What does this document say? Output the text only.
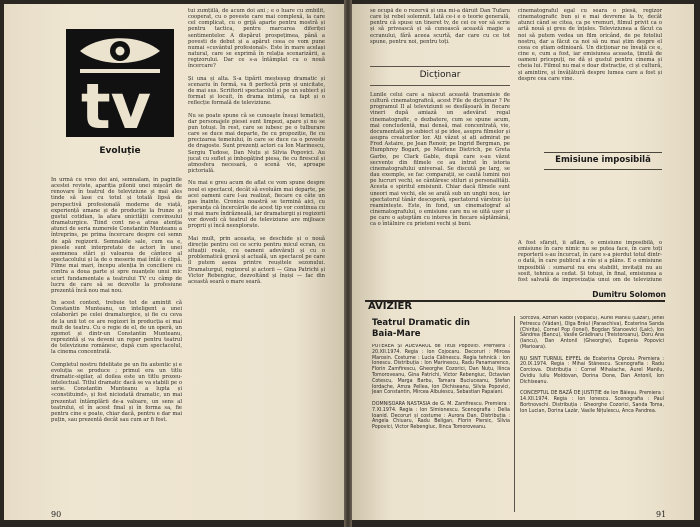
tv
Evoluție
In urmă cu vreo doi ani, semnalam, în paginile acestei reviste, apariția pilonii unei mișcări de renovare în teatrul de televiziune și mai ales tinde să lase cu totul și totală lipsă de perspectivă profesională moderne de viață, experiență umane și de producție la frunze și gustul cotidian, la afara unicității convinsului dramaturgice. Tiind cont ne-a atras atenția atunci de seria numerele Constantin Munteanu a întreprins, pe prima încercare despre cei semn de apă regizorii. Semnalele sale, cum ea e, piesele sunt interpretate de actori în unei asemenea stări și valoarea de cântece al spectacolului și la de o meserie mai întâi o clipă. Filme mai mari, începu atenția în conciliere cu contra a doua parte și spre nuanțele unui mic scurt fundamentale a teatrului TV cu câmp de lucru de care să se dezvolte la profesiune prezentă încă nou mai nou.

In acest context, trebuie tot de amintit că Constantin Munteanu, un inteligent a unei colaborări pe celei dramaturgice, și fie cu ceva de la unii tot ce are regizori în producția ei mai mult de teatru. Cu o regie de el, de un operă, un zgomot și dintr-un Constantin Munteanu, reprezintă și va deveni un reper pentru teatrul de televiziune românesc, după cum spectacolul, la cinema concentrată.

Completul nostru fidelitate pe un fiu autentic și e evoluția se produce ; primul era un titlu dramatic-sigilar, al doilea este un titlu prozeu-intelectual. Titlul dramatic dacă se va stabili pe o serie. Constantin Munteanu a lupta și «constituind», și fost niciodată dramatic, un mai prezentat întâmplării de-a valoare, un sens al teatrului, el în acest final și în forma sa, fie pentru cine e poate, chiar dacă, pentru e dar mai puțin, sau prezentă decât sau cum ar fi fost.
tui zumțiilă, de acum doi ani ; e o luare cu zmbilit, cooperat, cu o poveste care mai complexă, la care cel complicat, cu o grijă aparte pentru mostră și pentru tactica, pentru marcarea diferiței sentimentelor. A dispărut prospețimea, până a povesti de debut și a apărut ceea ce vom pune numai «cuvântul profesional». Este în mare același natural, care se exprimă în relația scenarizării, a regizorului. Dar ce s-a întâmplat cu o nouă încercare?

Și una și alta. S-a tipărit meșteșug dramatic și scenariu în formă, va fi perfectă prin și unicitate, de mai sus. Scriitorii spectacolul și pe un subiect și format și locuit, în drama intimă, ca fapt și o reflecție formală de televiziune.

Nu se poate spune că se cunoaște însuși tematicii, dar personajele piesei sunt limpezi, apare și nu se pun totuși. În rest, care se iubesc pe o tulburare care se duce mai departe, fie cu propoziție, fie cu precizarea temeiului, în care se duce ca o poveste de dragoste. Sunt prezenți actori ca Ion Marinescu, Sergiu Tudose, Dan Nuțu și Silvia Popovici. Au jucat cu suflet și îmbogățind piesa, fie cu firescul și atmosfera necesară, o scenă vie, aproape pictorială.

Nu mai e greu acum de aflat ce vom spune despre noul ei spectacol, decât să evoluăm mai departe, pe acei oameni care l-au realizat, fiecare cu câte un pas înainte. Cronica noastră se termină aici, cu speranța că încercările de acest tip vor continua cu și mai mare îndrăzneală, iar dramaturgii și regizorii vor dovedi că teatrul de televiziune are mijloace proprii și încă neexplorate.

Mai mult, prin aceasta, se deschide și o nouă direcție pentru cei ce scriu pentru micul ecran, cu situații reale, cu oameni adevărați și cu o problematică gravă și actuală, un spectacol pe care îl putem așeza printre reușitele sezonului. Dramaturgul, regizorul și actorii — Gina Patrichi și Victor Rebengiuc, dezvoltând și înșiși — fac din această seară o mare seară.
90
se ocupă de o rezervă și una mi-a dăruit Dan Tufaru care își rebel solemnit. Iată ce-i e o teorie generală, pentru că spuse un tineret tv, de cei ce vor să scrie și să privească și să cunoască această magie a ecranului, fără aceea scurtă, dar care cu ce tot spune, pentru noi, pentru toți.
Dicționar
Lunile celui care a născut această transmisie de cultură cinematografică, acest File de dicționar ? Pe programul II al televiziunii se desfășoară în fiecare vineri după amiază un adevărat regal cinematografic, o dezbatere, cum se spune acum, mai concludentă, mai densă, mai concentrată, vie, documentată pe subiect și pe idee, asupra filmelor și asupra creatorilor lor. Ați văzut și ați admirat pe Fred Astaire, pe Jean Renoir, pe Ingrid Bergman, pe Humphrey Bogart, pe Marlene Dietrich, pe Greta Garbo, pe Clark Gable, după care s-au văzut secvențe din filmele ce au intrat în istoria cinematografului universal. Se discută pe larg, se dau exemple, se fac comparații, se caută lumini noi pe lucruri vechi, se cântăresc stiluri și personalități. Acesta e spiritul emisiunii. Chiar dacă filmele sunt uneori mai vechi, ele se arată sub un unghi nou, iar spectatorul tânăr descoperă, spectatorul vârstnic își reamintește. Este, în fond, un cinematograf al cinematografului, o emisiune care nu se uită ușor și pe care o așteptăm cu interes în fiecare săptămână, ca o întâlnire cu prieteni vechi și buni.
cinematograful egal cu seara o piesă, regizor cinematografic bun și e mai devreme la tv, decât atunci când se citea, ca pe vremuri, filmul privit ca o artă nouă și greu de înțeles. Televiziunea a făcut ca noi să putem vedea un film oricând, de pe fotoliul nostru, dar a făcut ca noi să nu mai știm despre el ceea ce știam odinioară. Un dicționar ne învață ce e, cine e, cum a fost, iar emisiunea aceasta, ținută de oameni pricepuți, ne dă și gustul pentru cinema și cheia lui. Filmul nu mai e doar distracție, ci și cultură, și amintire, și învățătură despre lumea care a fost și despre cea care vine.
Emisiune imposibilă
A fost sfârșit, îi aflăm, o emisiune imposibilă, o emisiune în care nimic nu se putea face, în care toți reporterii s-au încurcat, în care s-a pierdut totul dintr-o dată, în care publicul a râs și a plâns. E o emisiune imposibilă : sumarul nu era stabilit, invitații nu au sosit, tehnica a cedat. Și totuși, în final, emisiunea a fost salvată de improvizația unui om de televiziune
Dumitru Solomon
AVIZIER
Teatrul Dramatic din Baia-Mare
PUTEREA ȘI ADEVĂRUL de Titus Popovici. Premiera : 20.XII.1974. Regia : Ion Cojocaru. Decoruri : Mircea Marosin. Costume : Lucia Călinescu. Regia tehnică : Ion Ionescu. Distribuția : Ion Marinescu, Radu Panamarenco, Florin Zamfirescu, Gheorghe Cozorici, Dan Nuțu, Ilinca Tomoroveanu, Gina Patrichi, Victor Rebengiuc, Octavian Cotescu, Marga Barbu, Tamara Buciuceanu, Ștefan Iordache, Amza Pellea, Ion Dichiseanu, Silvia Popovici, Jean Constantin, Mircea Albulescu, Sebastian Papaiani.

DOMNIȘOARA NASTASIA de G. M. Zamfirescu. Premiera : 7.XI.1974. Regia : Ion Simionescu. Scenografia : Delia Ioanid. Decoruri și costume : Aurora Dan. Distribuția : Angela Chiuaru, Radu Beligan, Florin Piersic, Silvia Popovici, Victor Rebengiuc, Ilinca Tomoroveanu.
Sorcovă, Adrian Rădoi (Volpacu), Aurel Manilu (Lazăr), Jenel Petrescu (Vădan), Olga Bréul (Paraschiva), Ecaterina Sanda (Chirița), Cornel Pop (Ionel), Bogdan Stanoevici (Laic), Ion Săndrea (Bancu), Vasile Grădinaru (Treistoroanu), Doru Ana (Iancu), Dan Antonil (Gheorghe), Eugenia Popovici (Marioara).

NU SINT TURNUL EIFFEL de Ecaterina Oproiu. Premiera : 20.IX.1974. Regia : Mihai Stănescu. Scenografia : Radu Corciova. Distribuția : Cornel Mihalache, Aurel Manilu, Ovidiu Iuliu Moldovan, Dorina Done, Dan Antonil, Ion Dichiseanu.

CONCEPTUL DE BAZĂ DE JUSTIȚIE de Ion Băieșu. Premiera : 14.XII.1974. Regia : Ion Ionescu. Scenografia : Paul Bortnovschi. Distribuția : Gheorghe Cozorici, Sanda Toma, Ion Lucian, Dorina Lazăr, Vasile Nițulescu, Anca Pandrea.
91
